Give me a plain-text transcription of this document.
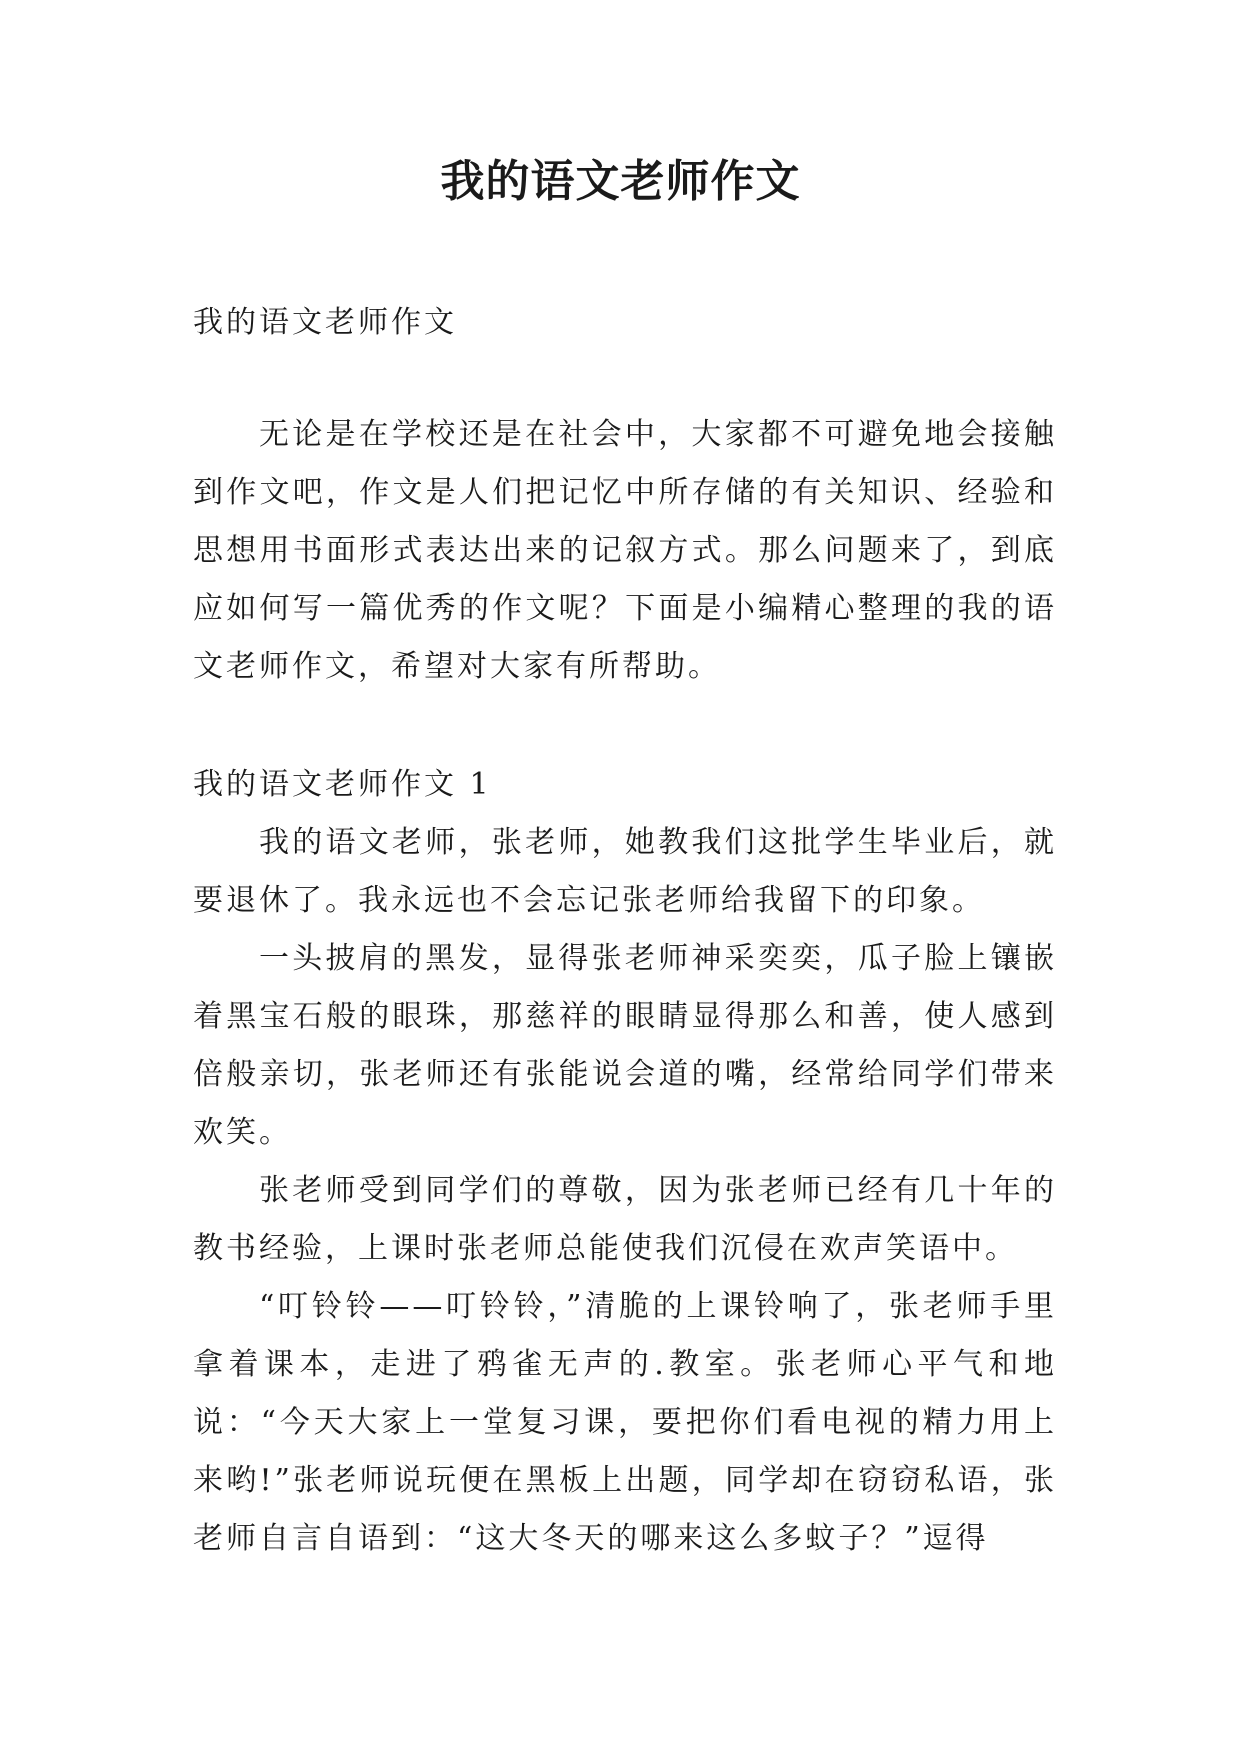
我的语文老师作文
我的语文老师作文

无论是在学校还是在社会中，大家都不可避免地会接触到作文吧，作文是人们把记忆中所存储的有关知识、经验和思想用书面形式表达出来的记叙方式。那么问题来了，到底应如何写一篇优秀的作文呢？下面是小编精心整理的我的语文老师作文，希望对大家有所帮助。

我的语文老师作文 1

我的语文老师，张老师，她教我们这批学生毕业后，就要退休了。我永远也不会忘记张老师给我留下的印象。

一头披肩的黑发，显得张老师神采奕奕，瓜子脸上镶嵌着黑宝石般的眼珠，那慈祥的眼睛显得那么和善，使人感到倍般亲切，张老师还有张能说会道的嘴，经常给同学们带来欢笑。

张老师受到同学们的尊敬，因为张老师已经有几十年的教书经验，上课时张老师总能使我们沉侵在欢声笑语中。

“叮铃铃——叮铃铃，”清脆的上课铃响了，张老师手里拿着课本，走进了鸦雀无声的.教室。张老师心平气和地说：“今天大家上一堂复习课，要把你们看电视的精力用上来哟!”张老师说玩便在黑板上出题，同学却在窃窃私语，张老师自言自语到：“这大冬天的哪来这么多蚊子？”逗得
